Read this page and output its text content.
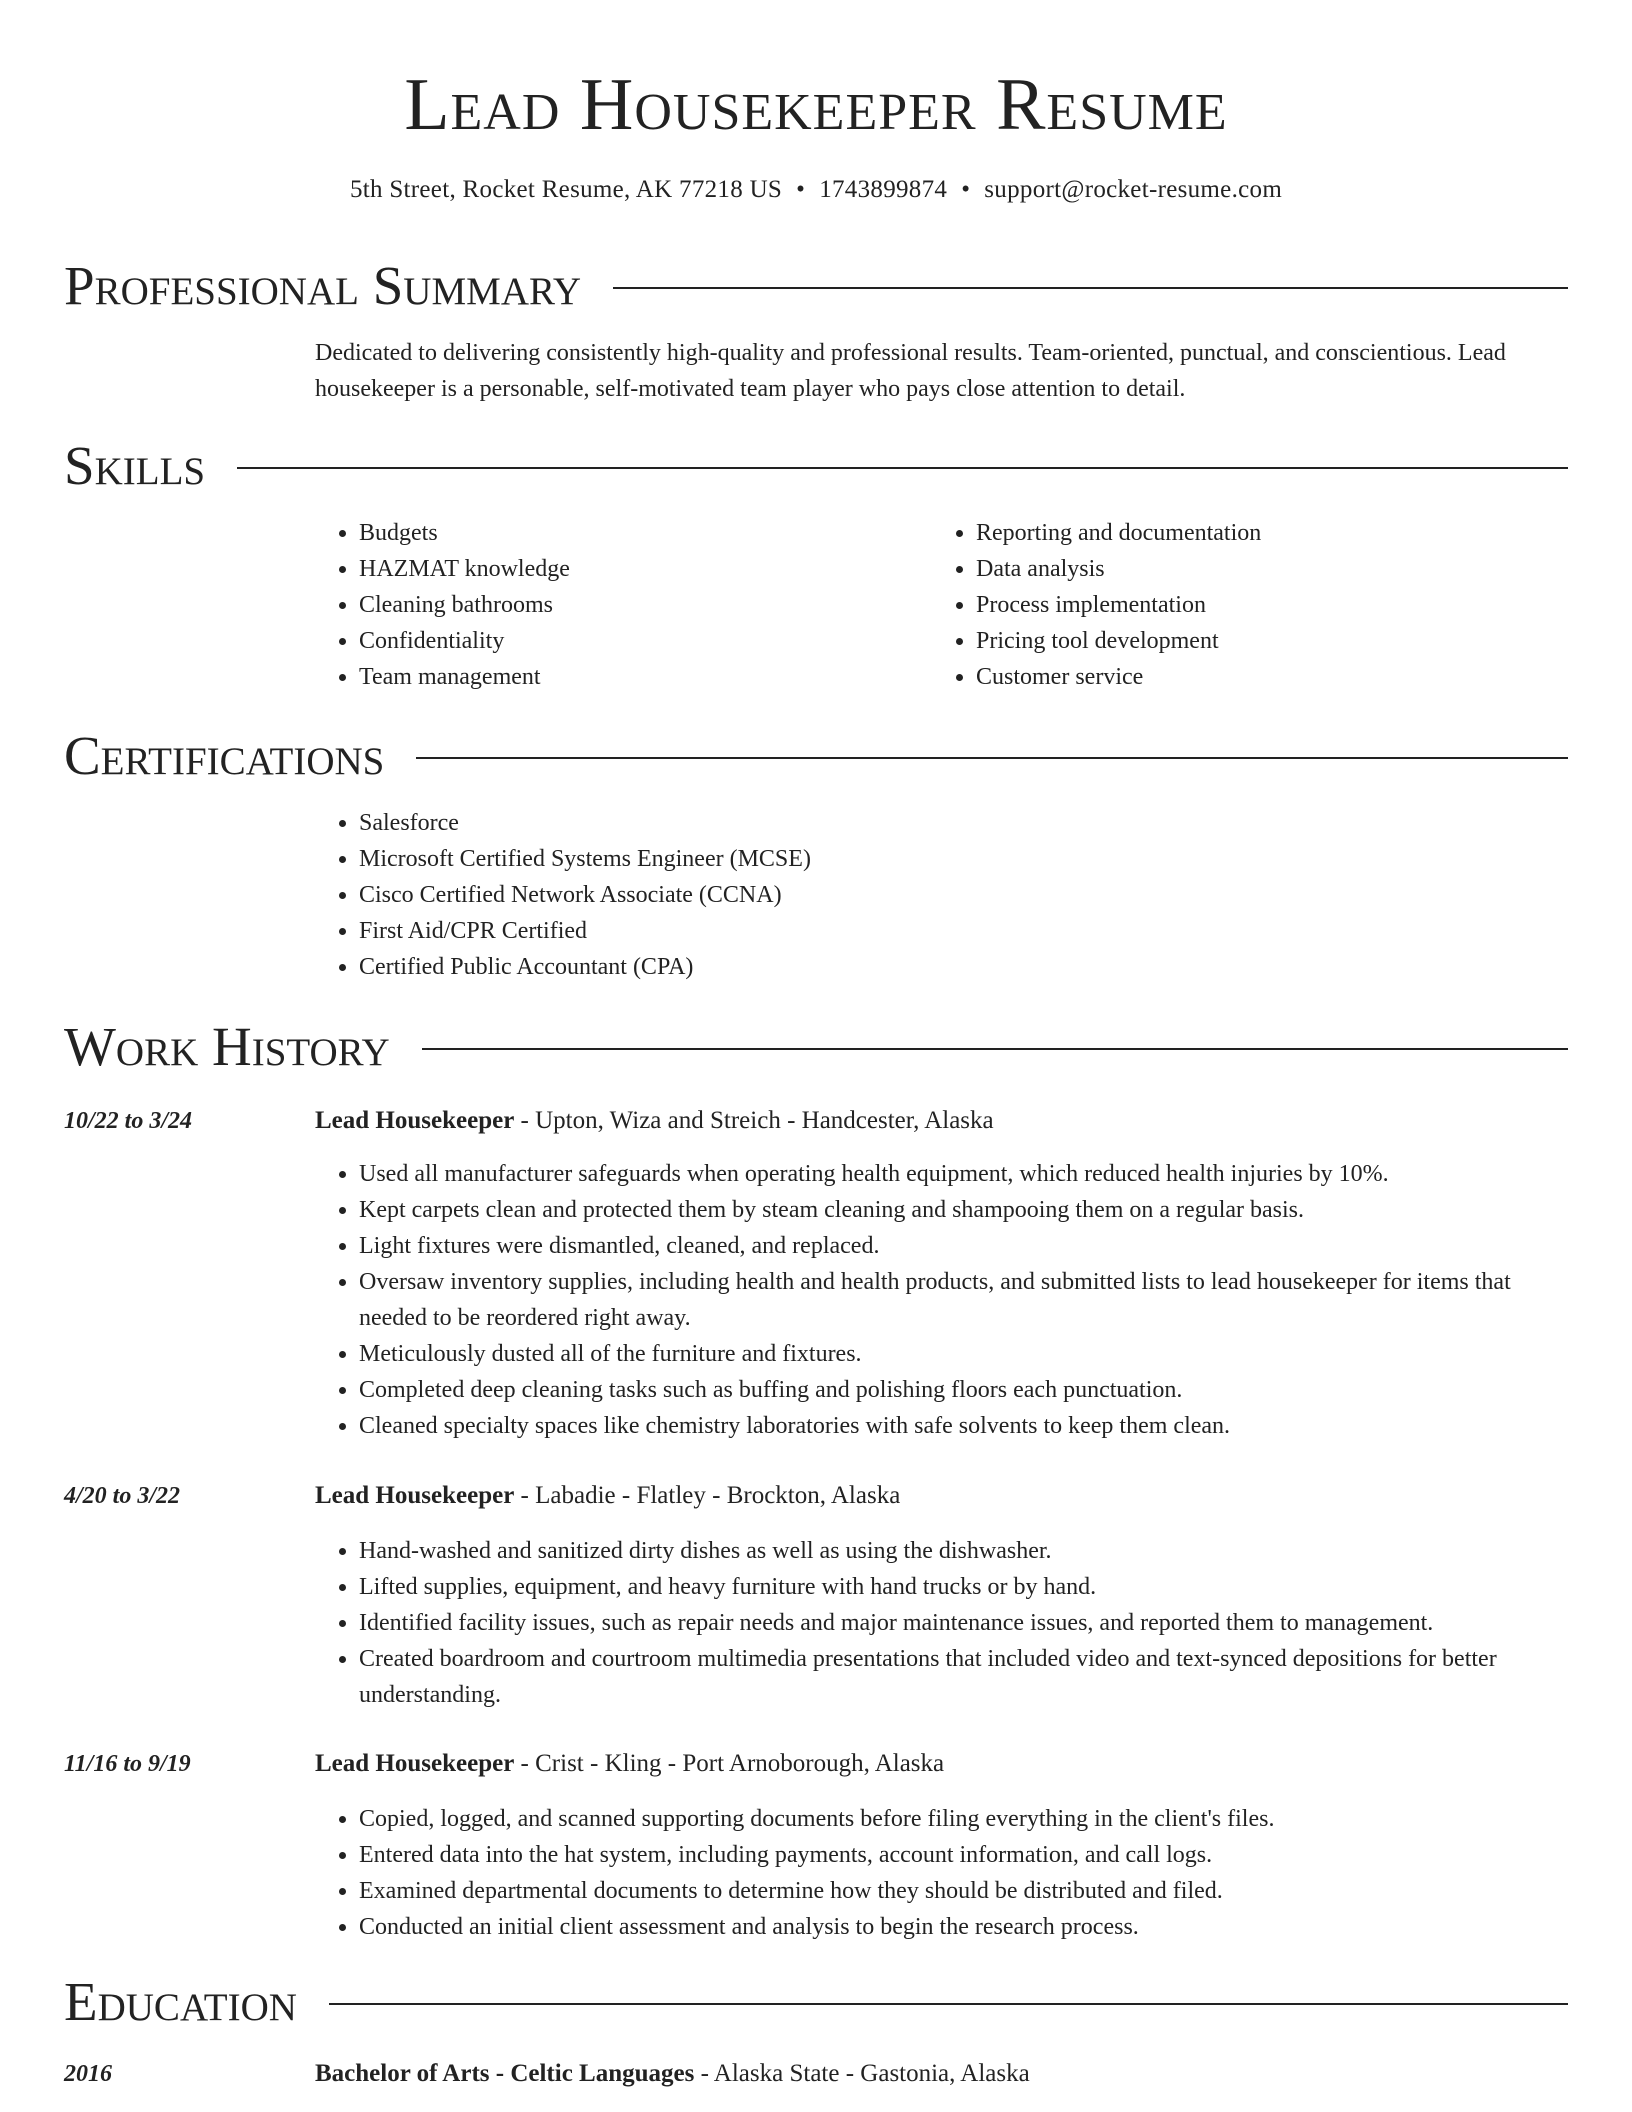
Lead Housekeeper Resume
5th Street, Rocket Resume, AK 77218 US • 1743899874 • support@rocket-resume.com
Professional Summary

Dedicated to delivering consistently high-quality and professional results. Team-oriented, punctual, and conscientious. Lead housekeeper is a personable, self-motivated team player who pays close attention to detail.

Skills
• Budgets
• HAZMAT knowledge
• Cleaning bathrooms
• Confidentiality
• Team management
• Reporting and documentation
• Data analysis
• Process implementation
• Pricing tool development
• Customer service
Certifications
• Salesforce
• Microsoft Certified Systems Engineer (MCSE)
• Cisco Certified Network Associate (CCNA)
• First Aid/CPR Certified
• Certified Public Accountant (CPA)
Work History
10/22 to 3/24	Lead Housekeeper - Upton, Wiza and Streich - Handcester, Alaska
• Used all manufacturer safeguards when operating health equipment, which reduced health injuries by 10%.
• Kept carpets clean and protected them by steam cleaning and shampooing them on a regular basis.
• Light fixtures were dismantled, cleaned, and replaced.
• Oversaw inventory supplies, including health and health products, and submitted lists to lead housekeeper for items that needed to be reordered right away.
• Meticulously dusted all of the furniture and fixtures.
• Completed deep cleaning tasks such as buffing and polishing floors each punctuation.
• Cleaned specialty spaces like chemistry laboratories with safe solvents to keep them clean.
4/20 to 3/22	Lead Housekeeper - Labadie - Flatley - Brockton, Alaska
• Hand-washed and sanitized dirty dishes as well as using the dishwasher.
• Lifted supplies, equipment, and heavy furniture with hand trucks or by hand.
• Identified facility issues, such as repair needs and major maintenance issues, and reported them to management.
• Created boardroom and courtroom multimedia presentations that included video and text-synced depositions for better understanding.
11/16 to 9/19	Lead Housekeeper - Crist - Kling - Port Arnoborough, Alaska
• Copied, logged, and scanned supporting documents before filing everything in the client's files.
• Entered data into the hat system, including payments, account information, and call logs.
• Examined departmental documents to determine how they should be distributed and filed.
• Conducted an initial client assessment and analysis to begin the research process.
Education
2016	Bachelor of Arts - Celtic Languages - Alaska State - Gastonia, Alaska
